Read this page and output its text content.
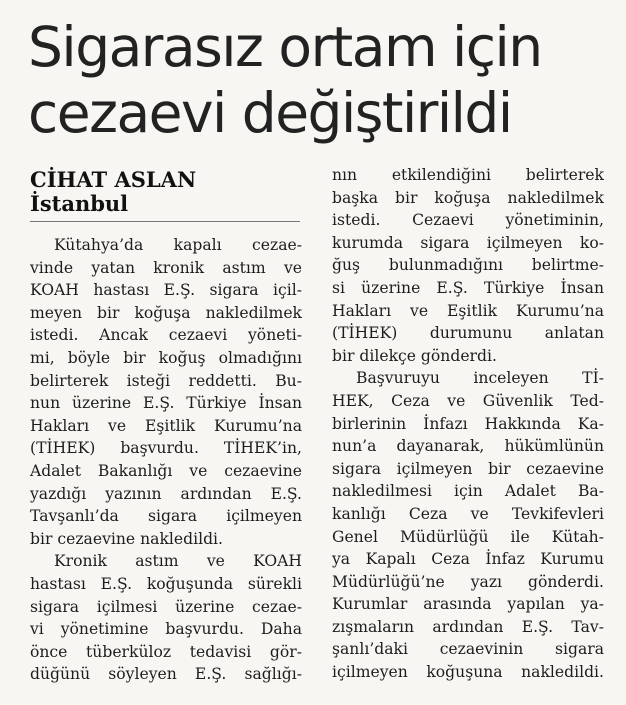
Sigarasız ortam için
cezaevi değiştirildi
CİHAT ASLAN
İstanbul
Kütahya’da kapalı cezae-
vinde yatan kronik astım ve
KOAH hastası E.Ş. sigara içil-
meyen bir koğuşa nakledilmek
istedi. Ancak cezaevi yöneti-
mi, böyle bir koğuş olmadığını
belirterek isteği reddetti. Bu-
nun üzerine E.Ş. Türkiye İnsan
Hakları ve Eşitlik Kurumu’na
(TİHEK) başvurdu. TİHEK’in,
Adalet Bakanlığı ve cezaevine
yazdığı yazının ardından E.Ş.
Tavşanlı’da sigara içilmeyen
bir cezaevine nakledildi.
Kronik astım ve KOAH
hastası E.Ş. koğuşunda sürekli
sigara içilmesi üzerine cezae-
vi yönetimine başvurdu. Daha
önce tüberküloz tedavisi gör-
düğünü söyleyen E.Ş. sağlığı-
nın etkilendiğini belirterek
başka bir koğuşa nakledilmek
istedi. Cezaevi yönetiminin,
kurumda sigara içilmeyen ko-
ğuş bulunmadığını belirtme-
si üzerine E.Ş. Türkiye İnsan
Hakları ve Eşitlik Kurumu’na
(TİHEK) durumunu anlatan
bir dilekçe gönderdi.
Başvuruyu inceleyen Tİ-
HEK, Ceza ve Güvenlik Ted-
birlerinin İnfazı Hakkında Ka-
nun’a dayanarak, hükümlünün
sigara içilmeyen bir cezaevine
nakledilmesi için Adalet Ba-
kanlığı Ceza ve Tevkifevleri
Genel Müdürlüğü ile Kütah-
ya Kapalı Ceza İnfaz Kurumu
Müdürlüğü’ne yazı gönderdi.
Kurumlar arasında yapılan ya-
zışmaların ardından E.Ş. Tav-
şanlı’daki cezaevinin sigara
içilmeyen koğuşuna nakledildi.
